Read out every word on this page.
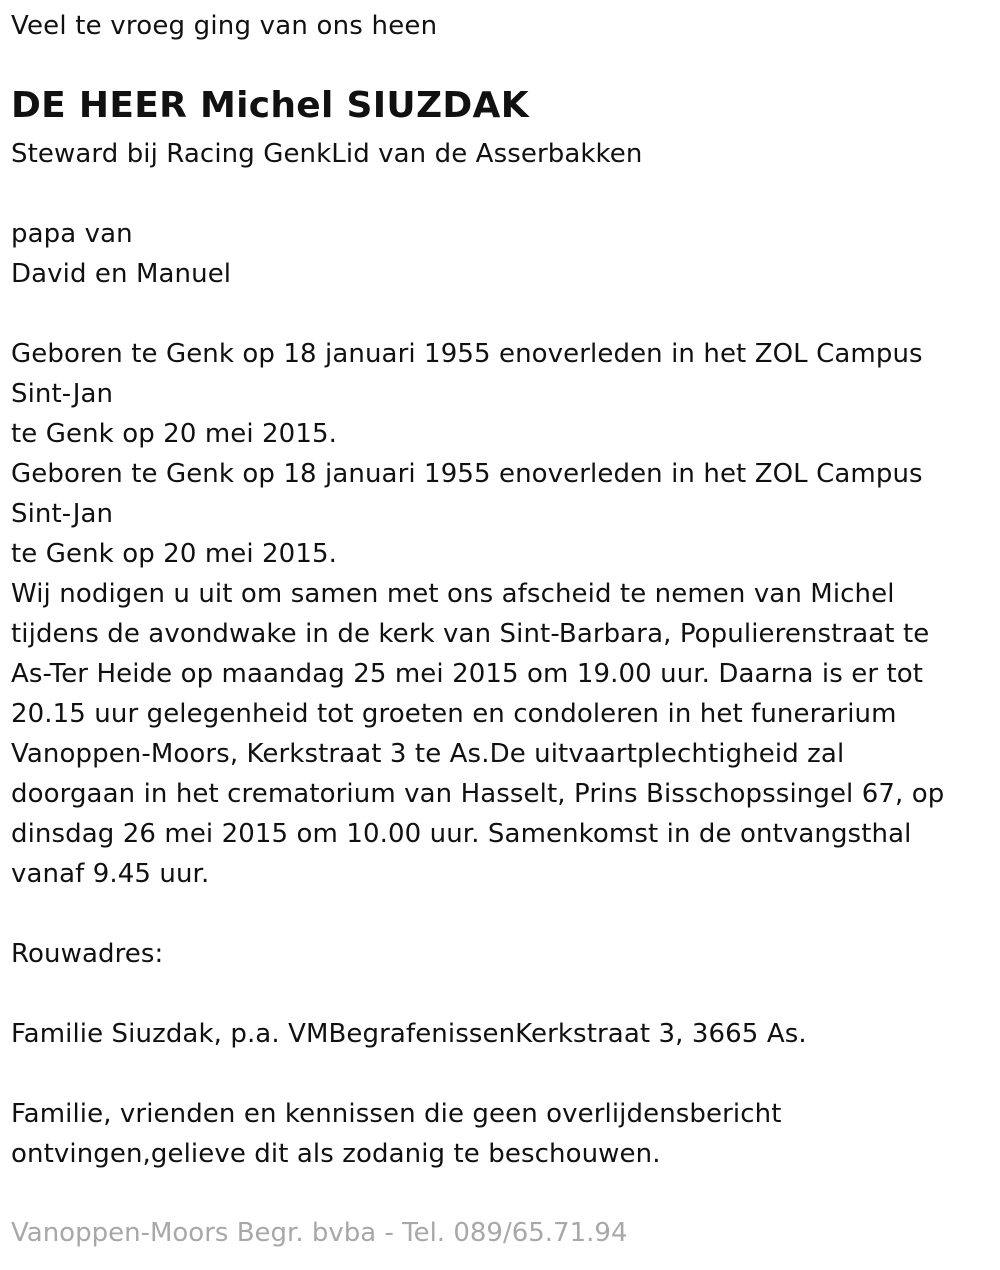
Veel te vroeg ging van ons heen
DE HEER Michel SIUZDAK
Steward bij Racing GenkLid van de Asserbakken
papa van
David en Manuel
Geboren te Genk op 18 januari 1955 enoverleden in het ZOL Campus
Sint-Jan
te Genk op 20 mei 2015.
Geboren te Genk op 18 januari 1955 enoverleden in het ZOL Campus
Sint-Jan
te Genk op 20 mei 2015.
Wij nodigen u uit om samen met ons afscheid te nemen van Michel
tijdens de avondwake in de kerk van Sint-Barbara, Populierenstraat te
As-Ter Heide op maandag 25 mei 2015 om 19.00 uur. Daarna is er tot
20.15 uur gelegenheid tot groeten en condoleren in het funerarium
Vanoppen-Moors, Kerkstraat 3 te As.De uitvaartplechtigheid zal
doorgaan in het crematorium van Hasselt, Prins Bisschopssingel 67, op
dinsdag 26 mei 2015 om 10.00 uur. Samenkomst in de ontvangsthal
vanaf 9.45 uur.
Rouwadres:
Familie Siuzdak, p.a. VMBegrafenissenKerkstraat 3, 3665 As.
Familie, vrienden en kennissen die geen overlijdensbericht
ontvingen,gelieve dit als zodanig te beschouwen.
Vanoppen-Moors Begr. bvba - Tel. 089/65.71.94
